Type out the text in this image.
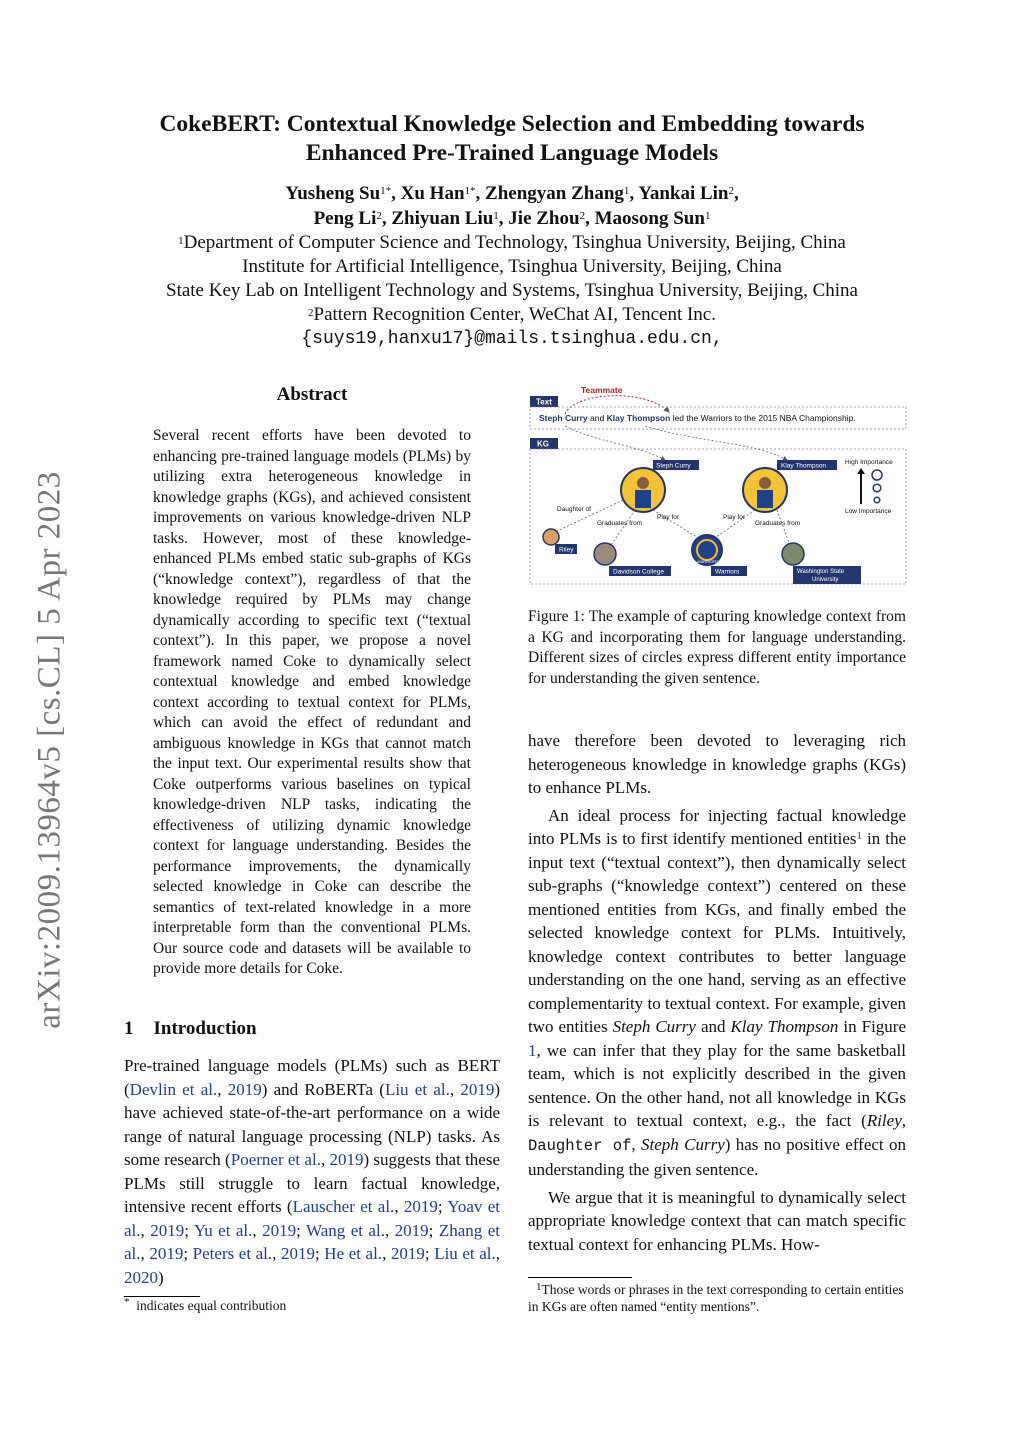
arXiv:2009.13964v5 [cs.CL] 5 Apr 2023
CokeBERT: Contextual Knowledge Selection and Embedding towards
Enhanced Pre-Trained Language Models
Yusheng $Su^{1*}$, Xu Han$^{1*}$, Zhengyan Zhang$^1$, Yankai Lin$^2$,
Peng Li$^2$, Zhiyuan Liu$^1$, Jie Zhou$^2$, Maosong Sun$^1$
$^1$Department of Computer Science and Technology, Tsinghua University, Beijing, China
Institute for Artificial Intelligence, Tsinghua University, Beijing, China
State Key Lab on Intelligent Technology and Systems, Tsinghua University, Beijing, China
$^2$Pattern Recognition Center, WeChat AI, Tencent Inc.
{suys19,hanxu17}@mails.tsinghua.edu.cn,
Abstract
Several recent efforts have been devoted to enhancing pre-trained language models (PLMs) by utilizing extra heterogeneous knowledge in knowledge graphs (KGs), and achieved consistent improvements on various knowledge-driven NLP tasks. However, most of these knowledge-enhanced PLMs embed static sub-graphs of KGs (“knowledge context”), regardless of that the knowledge required by PLMs may change dynamically according to specific text (“textual context”). In this paper, we propose a novel framework named Coke to dynamically select contextual knowledge and embed knowledge context according to textual context for PLMs, which can avoid the effect of redundant and ambiguous knowledge in KGs that cannot match the input text. Our experimental results show that Coke outperforms various baselines on typical knowledge-driven NLP tasks, indicating the effectiveness of utilizing dynamic knowledge context for language understanding. Besides the performance improvements, the dynamically selected knowledge in Coke can describe the semantics of text-related knowledge in a more interpretable form than the conventional PLMs. Our source code and datasets will be available to provide more details for Coke.
1 Introduction
Pre-trained language models (PLMs) such as BERT (Devlin et al., 2019) and RoBERTa (Liu et al., 2019) have achieved state-of-the-art performance on a wide range of natural language processing (NLP) tasks. As some research (Poerner et al., 2019) suggests that these PLMs still struggle to learn factual knowledge, intensive recent efforts (Lauscher et al., 2019; Yoav et al., 2019; Yu et al., 2019; Wang et al., 2019; Zhang et al., 2019; Peters et al., 2019; He et al., 2019; Liu et al., 2020)
* indicates equal contribution
Teammate
Text
Steph Curry and Klay Thompson led the Warriors to the 2015 NBA Championship.
KG
Steph Curry	Klay Thompson	High Importance
Low Importance
Daughter of
Graduates from
Play for	Play for
Graduates from
Riley
Davidson College
WARRIORS
Warriors	Washington State
University
Figure 1: The example of capturing knowledge context from a KG and incorporating them for language understanding. Different sizes of circles express different entity importance for understanding the given sentence.

have therefore been devoted to leveraging rich heterogeneous knowledge in knowledge graphs (KGs) to enhance PLMs.

An ideal process for injecting factual knowledge into PLMs is to first identify mentioned entities$^1$ in the input text (“textual context”), then dynamically select sub-graphs (“knowledge context”) centered on these mentioned entities from KGs, and finally embed the selected knowledge context for PLMs. Intuitively, knowledge context contributes to better language understanding on the one hand, serving as an effective complementarity to textual context. For example, given two entities Steph Curry and Klay Thompson in Figure 1, we can infer that they play for the same basketball team, which is not explicitly described in the given sentence. On the other hand, not all knowledge in KGs is relevant to textual context, e.g., the fact (Riley, Daughter of, Steph Curry) has no positive effect on understanding the given sentence.

We argue that it is meaningful to dynamically select appropriate knowledge context that can match specific textual context for enhancing PLMs. How-

$^1$Those words or phrases in the text corresponding to certain entities in KGs are often named “entity mentions”.
